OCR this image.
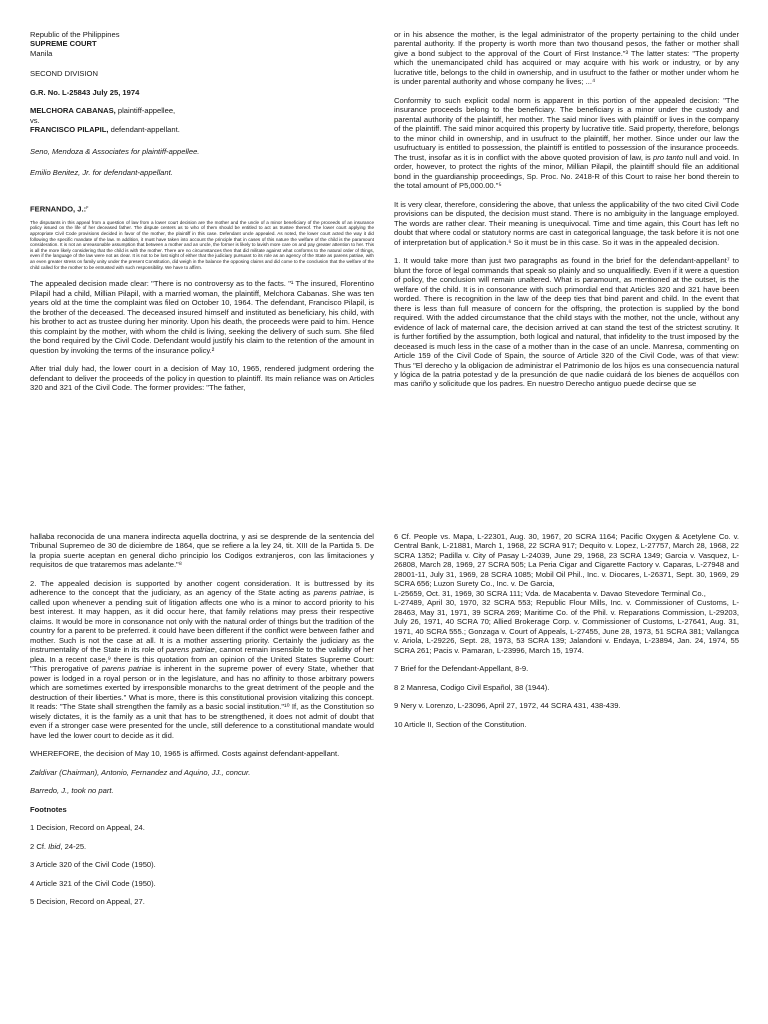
Republic of the Philippines
SUPREME COURT
Manila

SECOND DIVISION

G.R. No. L-25843 July 25, 1974

MELCHORA CABANAS, plaintiff-appellee,
vs.
FRANCISCO PILAPIL, defendant-appellant.

Seno, Mendoza & Associates for plaintiff-appellee.

Emilio Benitez, Jr. for defendant-appellant.

FERNANDO, J.:$^p$

The disputants in this appeal from a question of law from a lower court decision are the mother and the uncle of a minor beneficiary of the proceeds of an insurance policy issued on the life of her deceased father. The dispute centers as to who of them should be entitled to act as trustee thereof. The lower court applying the appropriate Civil Code provisions decided in favor of the mother, the plaintiff in this case. Defendant uncle appealed. As noted, the lower court acted the way it did following the specific mandate of the law. In addition, it must have taken into account the principle that in cases of this nature the welfare of the child is the paramount consideration. It is not an unreasonable assumption that between a mother and an uncle, the former is likely to lavish more care on and pay greater attention to her. This is all the more likely considering that the child is with the mother. There are no circumstances then that did militate against what conforms to the natural order of things, even if the language of the law were not as clear. It is not to be lost sight of either that the judiciary pursuant to its role as an agency of the State as parens patriae, with an even greater stress on family unity under the present Constitution, did weigh in the balance the opposing claims and did come to the conclusion that the welfare of the child called for the mother to be entrusted with such responsibility. We have to affirm.

The appealed decision made clear: "There is no controversy as to the facts. "¹ The insured, Florentino Pilapil had a child, Millian Pilapil, with a married woman, the plaintiff, Melchora Cabanas. She was ten years old at the time the complaint was filed on October 10, 1964. The defendant, Francisco Pilapil, is the brother of the deceased. The deceased insured himself and instituted as beneficiary, his child, with his brother to act as trustee during her minority. Upon his death, the proceeds were paid to him. Hence this complaint by the mother, with whom the child is living, seeking the delivery of such sum. She filed the bond required by the Civil Code. Defendant would justify his claim to the retention of the amount in question by invoking the terms of the insurance policy.²

After trial duly had, the lower court in a decision of May 10, 1965, rendered judgment ordering the defendant to deliver the proceeds of the policy in question to plaintiff. Its main reliance was on Articles 320 and 321 of the Civil Code. The former provides: "The father,

or in his absence the mother, is the legal administrator of the property pertaining to the child under parental authority. If the property is worth more than two thousand pesos, the father or mother shall give a bond subject to the approval of the Court of First Instance."³ The latter states: "The property which the unemancipated child has acquired or may acquire with his work or industry, or by any lucrative title, belongs to the child in ownership, and in usufruct to the father or mother under whom he is under parental authority and whose company he lives; ...⁴

Conformity to such explicit codal norm is apparent in this portion of the appealed decision: "The insurance proceeds belong to the beneficiary. The beneficiary is a minor under the custody and parental authority of the plaintiff, her mother. The said minor lives with plaintiff or lives in the company of the plaintiff. The said minor acquired this property by lucrative title. Said property, therefore, belongs to the minor child in ownership, and in usufruct to the plaintiff, her mother. Since under our law the usufructuary is entitled to possession, the plaintiff is entitled to possession of the insurance proceeds. The trust, insofar as it is in conflict with the above quoted provision of law, is pro tanto null and void. In order, however, to protect the rights of the minor, Millian Pilapil, the plaintiff should file an additional bond in the guardianship proceedings, Sp. Proc. No. 2418-R of this Court to raise her bond therein to the total amount of P5,000.00."⁵

It is very clear, therefore, considering the above, that unless the applicability of the two cited Civil Code provisions can be disputed, the decision must stand. There is no ambiguity in the language employed. The words are rather clear. Their meaning is unequivocal. Time and time again, this Court has left no doubt that where codal or statutory norms are cast in categorical language, the task before it is not one of interpretation but of application.⁶ So it must be in this case. So it was in the appealed decision.

1. It would take more than just two paragraphs as found in the brief for the defendant-appellant⁷ to blunt the force of legal commands that speak so plainly and so unqualifiedly. Even if it were a question of policy, the conclusion will remain unaltered. What is paramount, as mentioned at the outset, is the welfare of the child. It is in consonance with such primordial end that Articles 320 and 321 have been worded. There is recognition in the law of the deep ties that bind parent and child. In the event that there is less than full measure of concern for the offspring, the protection is supplied by the bond required. With the added circumstance that the child stays with the mother, not the uncle, without any evidence of lack of maternal care, the decision arrived at can stand the test of the strictest scrutiny. It is further fortified by the assumption, both logical and natural, that infidelity to the trust imposed by the deceased is much less in the case of a mother than in the case of an uncle. Manresa, commenting on Article 159 of the Civil Code of Spain, the source of Article 320 of the Civil Code, was of that view: Thus "El derecho y la obligacion de administrar el Patrimonio de los hijos es una consecuencia natural y lógica de la patria potestad y de la presunción de que nadie cuidará de los bienes de acquéllos con mas cariño y solicitude que los padres. En nuestro Derecho antiguo puede decirse que se

hallaba reconocida de una manera indirecta aquella doctrina, y asi se desprende de la sentencia del Tribunal Supremeo de 30 de diciembre de 1864, que se refiere a la ley 24, tit. XIII de la Partida 5. De la propia suerte aceptan en general dicho principio los Codigos extranjeros, con las limitaciones y requisitos de que trataremos mas adelante."⁸

2. The appealed decision is supported by another cogent consideration. It is buttressed by its adherence to the concept that the judiciary, as an agency of the State acting as parens patriae, is called upon whenever a pending suit of litigation affects one who is a minor to accord priority to his best interest. It may happen, as it did occur here, that family relations may press their respective claims. It would be more in consonance not only with the natural order of things but the tradition of the country for a parent to be preferred. it could have been different if the conflict were between father and mother. Such is not the case at all. It is a mother asserting priority. Certainly the judiciary as the instrumentality of the State in its role of parens patriae, cannot remain insensible to the validity of her plea. In a recent case,⁹ there is this quotation from an opinion of the United States Supreme Court: "This prerogative of parens patriae is inherent in the supreme power of every State, whether that power is lodged in a royal person or in the legislature, and has no affinity to those arbitrary powers which are sometimes exerted by irresponsible monarchs to the great detriment of the people and the destruction of their liberties." What is more, there is this constitutional provision vitalizing this concept. It reads: "The State shall strengthen the family as a basic social institution."¹⁰ If, as the Constitution so wisely dictates, it is the family as a unit that has to be strengthened, it does not admit of doubt that even if a stronger case were presented for the uncle, still deference to a constitutional mandate would have led the lower court to decide as it did.

WHEREFORE, the decision of May 10, 1965 is affirmed. Costs against defendant-appellant.

Zaldivar (Chairman), Antonio, Fernandez and Aquino, JJ., concur.

Barredo, J., took no part.

Footnotes

1 Decision, Record on Appeal, 24.

2 Cf. Ibid, 24-25.

3 Article 320 of the Civil Code (1950).

4 Article 321 of the Civil Code (1950).

5 Decision, Record on Appeal, 27.

6 Cf. People vs. Mapa, L-22301, Aug. 30, 1967, 20 SCRA 1164; Pacific Oxygen & Acetylene Co. v. Central Bank, L-21881, March 1, 1968, 22 SCRA 917; Dequito v. Lopez, L-27757, March 28, 1968, 22 SCRA 1352; Padilla v. City of Pasay L-24039, June 29, 1968, 23 SCRA 1349; Garcia v. Vasquez, L-26808, March 28, 1969, 27 SCRA 505; La Peria Cigar and Cigarette Factory v. Caparas, L-27948 and 28001-11, July 31, 1969, 28 SCRA 1085; Mobil Oil Phil., Inc. v. Diocares, L-26371, Sept. 30, 1969, 29 SCRA 656; Luzon Surety Co., Inc. v. De Garcia,
L-25659, Oct. 31, 1969, 30 SCRA 111; Vda. de Macabenta v. Davao Stevedore Terminal Co.,
L-27489, April 30, 1970, 32 SCRA 553; Republic Flour Mills, Inc. v. Commissioner of Customs, L-28463, May 31, 1971, 39 SCRA 269; Maritime Co. of the Phil. v. Reparations Commission, L-29203, July 26, 1971, 40 SCRA 70; Allied Brokerage Corp. v. Commissioner of Customs, L-27641, Aug. 31, 1971, 40 SCRA 555.; Gonzaga v. Court of Appeals, L-27455, June 28, 1973, 51 SCRA 381; Vallangca v. Ariola, L-29226, Sept. 28, 1973, 53 SCRA 139; Jalandoni v. Endaya, L-23894, Jan. 24, 1974, 55 SCRA 261; Pacis v. Pamaran, L-23996, March 15, 1974.

7 Brief for the Defendant-Appellant, 8-9.

8 2 Manresa, Codigo Civil Español, 38 (1944).

9 Nery v. Lorenzo, L-23096, April 27, 1972, 44 SCRA 431, 438-439.

10 Article II, Section of the Constitution.
